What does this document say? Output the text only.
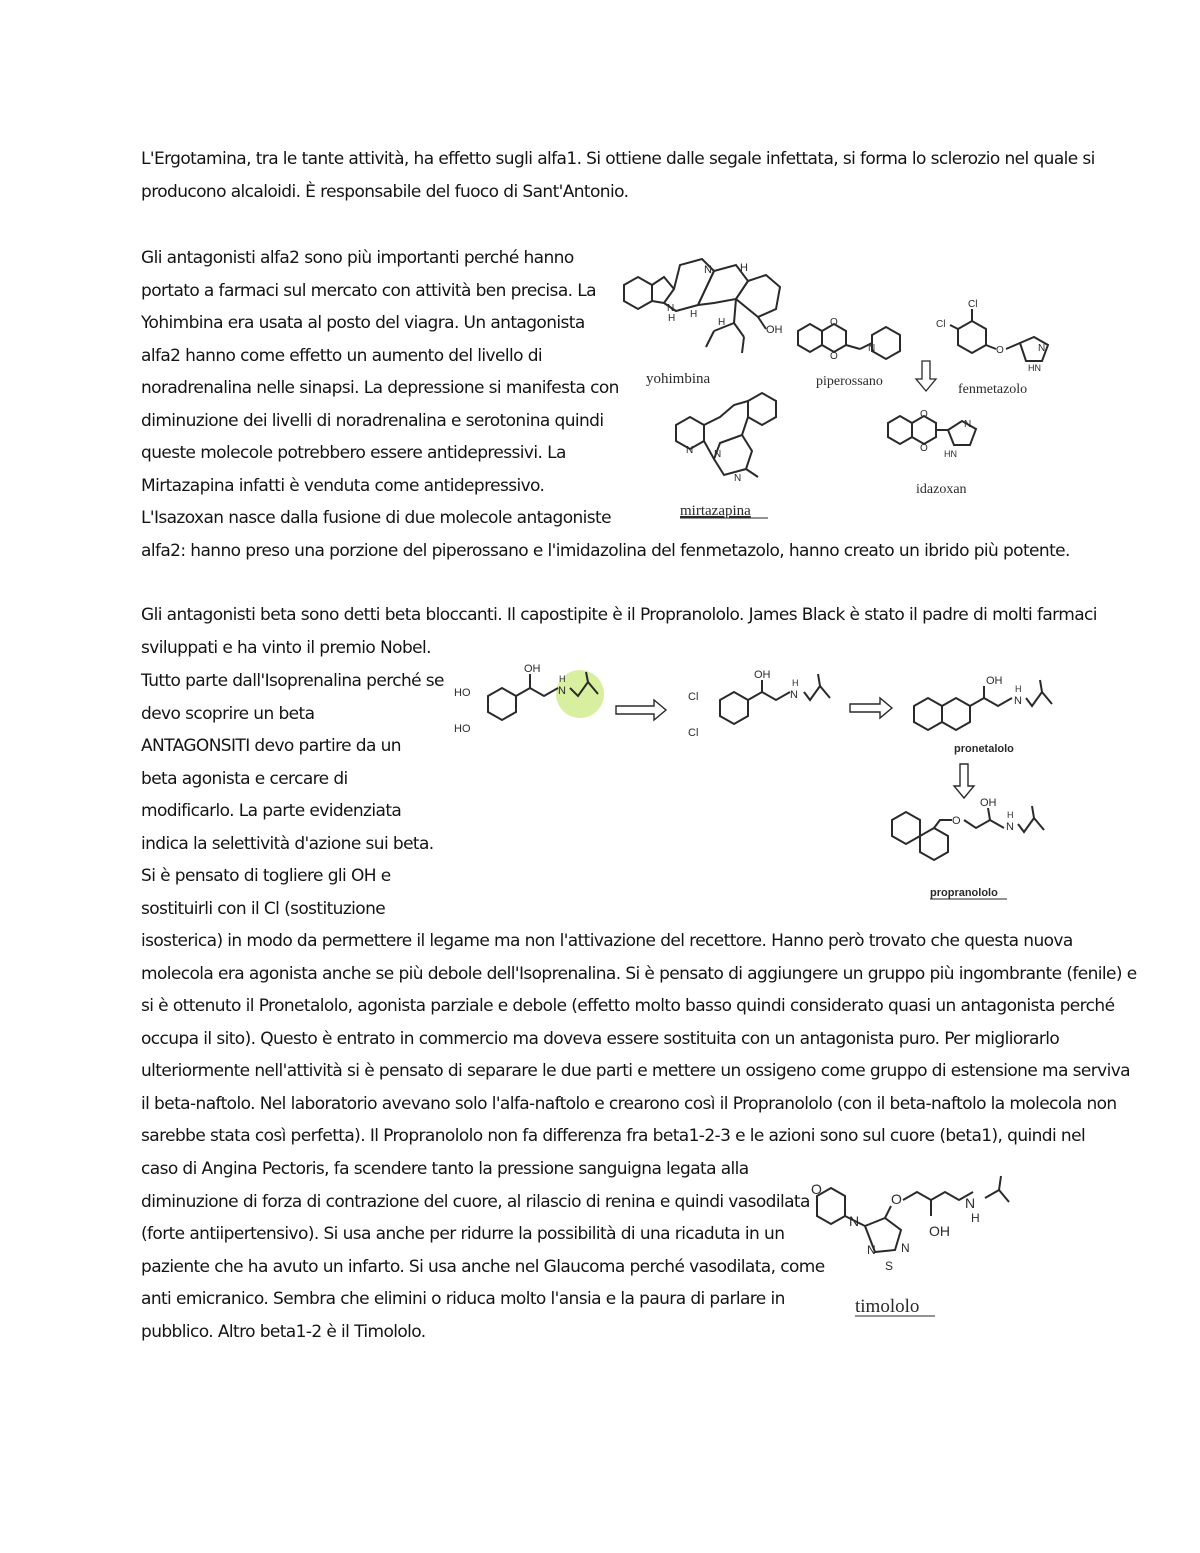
L'Ergotamina, tra le tante attività, ha effetto sugli alfa1. Si ottiene dalle segale infettata, si forma lo sclerozio nel quale si
producono alcaloidi. È responsabile del fuoco di Sant'Antonio.
Gli antagonisti alfa2 sono più importanti perché hanno
portato a farmaci sul mercato con attività ben precisa. La
Yohimbina era usata al posto del viagra. Un antagonista
alfa2 hanno come effetto un aumento del livello di
noradrenalina nelle sinapsi. La depressione si manifesta con
diminuzione dei livelli di noradrenalina e serotonina quindi
queste molecole potrebbero essere antidepressivi. La
Mirtazapina infatti è venduta come antidepressivo.
L'Isazoxan nasce dalla fusione di due molecole antagoniste
alfa2: hanno preso una porzione del piperossano e l'imidazolina del fenmetazolo, hanno creato un ibrido più potente.
N	H
N
H H
H
OH
yohimbina
O
O
N
piperossano
Cl
Cl
O	N
HN
fenmetazolo
N N
N
mirtazapina
O
O
N
HN
idazoxan
Gli antagonisti beta sono detti beta bloccanti. Il capostipite è il Propranololo. James Black è stato il padre di molti farmaci
sviluppati e ha vinto il premio Nobel.
Tutto parte dall'Isoprenalina perché se
devo scoprire un beta
ANTAGONSITI devo partire da un
beta agonista e cercare di
modificarlo. La parte evidenziata
indica la selettività d'azione sui beta.
Si è pensato di togliere gli OH e
sostituirli con il Cl (sostituzione
HO
HO
OH
N
H
Cl
Cl
OH
N
H	OH
N
H
pronetalolo
O
OH
N
H
propranololo
isosterica) in modo da permettere il legame ma non l'attivazione del recettore. Hanno però trovato che questa nuova
molecola era agonista anche se più debole dell'Isoprenalina. Si è pensato di aggiungere un gruppo più ingombrante (fenile) e
si è ottenuto il Pronetalolo, agonista parziale e debole (effetto molto basso quindi considerato quasi un antagonista perché
occupa il sito). Questo è entrato in commercio ma doveva essere sostituita con un antagonista puro. Per migliorarlo
ulteriormente nell'attività si è pensato di separare le due parti e mettere un ossigeno come gruppo di estensione ma serviva
il beta-naftolo. Nel laboratorio avevano solo l'alfa-naftolo e crearono così il Propranololo (con il beta-naftolo la molecola non
sarebbe stata così perfetta). Il Propranololo non fa differenza fra beta1-2-3 e le azioni sono sul cuore (beta1), quindi nel
caso di Angina Pectoris, fa scendere tanto la pressione sanguigna legata alla
diminuzione di forza di contrazione del cuore, al rilascio di renina e quindi vasodilata
(forte antiipertensivo). Si usa anche per ridurre la possibilità di una ricaduta in un
paziente che ha avuto un infarto. Si usa anche nel Glaucoma perché vasodilata, come
anti emicranico. Sembra che elimini o riduca molto l'ansia e la paura di parlare in
pubblico. Altro beta1-2 è il Timololo.
O
N
O	N
H
OH
N N
S
timololo
